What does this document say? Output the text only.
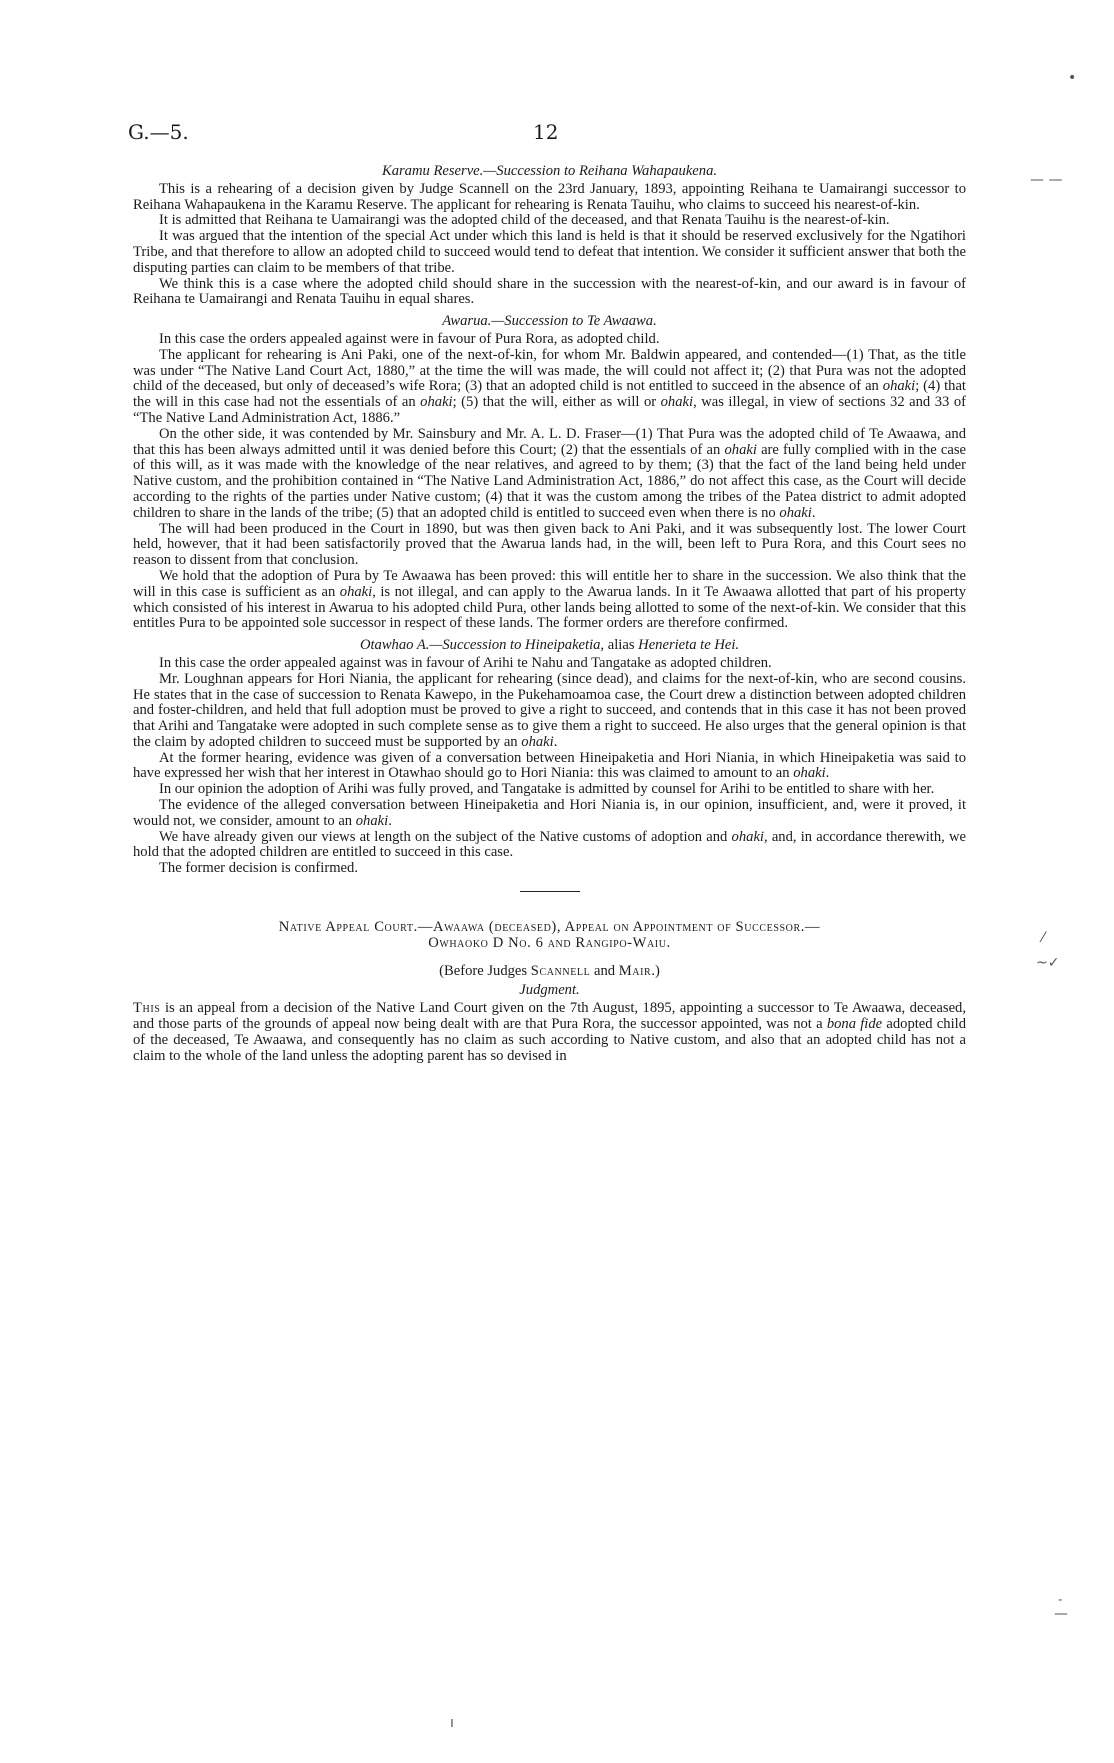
G.—5.	12
Karamu Reserve.—Succession to Reihana Wahapaukena.

This is a rehearing of a decision given by Judge Scannell on the 23rd January, 1893, appointing Reihana te Uamairangi successor to Reihana Wahapaukena in the Karamu Reserve. The applicant for rehearing is Renata Tauihu, who claims to succeed his nearest-of-kin.

It is admitted that Reihana te Uamairangi was the adopted child of the deceased, and that Renata Tauihu is the nearest-of-kin.

It was argued that the intention of the special Act under which this land is held is that it should be reserved exclusively for the Ngatihori Tribe, and that therefore to allow an adopted child to succeed would tend to defeat that intention. We consider it sufficient answer that both the disputing parties can claim to be members of that tribe.

We think this is a case where the adopted child should share in the succession with the nearest-of-kin, and our award is in favour of Reihana te Uamairangi and Renata Tauihu in equal shares.

Awarua.—Succession to Te Awaawa.

In this case the orders appealed against were in favour of Pura Rora, as adopted child.

The applicant for rehearing is Ani Paki, one of the next-of-kin, for whom Mr. Baldwin appeared, and contended—(1) That, as the title was under “The Native Land Court Act, 1880,” at the time the will was made, the will could not affect it; (2) that Pura was not the adopted child of the deceased, but only of deceased’s wife Rora; (3) that an adopted child is not entitled to succeed in the absence of an ohaki; (4) that the will in this case had not the essentials of an ohaki; (5) that the will, either as will or ohaki, was illegal, in view of sections 32 and 33 of “The Native Land Administration Act, 1886.”

On the other side, it was contended by Mr. Sainsbury and Mr. A. L. D. Fraser—(1) That Pura was the adopted child of Te Awaawa, and that this has been always admitted until it was denied before this Court; (2) that the essentials of an ohaki are fully complied with in the case of this will, as it was made with the knowledge of the near relatives, and agreed to by them; (3) that the fact of the land being held under Native custom, and the prohibition contained in “The Native Land Administration Act, 1886,” do not affect this case, as the Court will decide according to the rights of the parties under Native custom; (4) that it was the custom among the tribes of the Patea district to admit adopted children to share in the lands of the tribe; (5) that an adopted child is entitled to succeed even when there is no ohaki.

The will had been produced in the Court in 1890, but was then given back to Ani Paki, and it was subsequently lost. The lower Court held, however, that it had been satisfactorily proved that the Awarua lands had, in the will, been left to Pura Rora, and this Court sees no reason to dissent from that conclusion.

We hold that the adoption of Pura by Te Awaawa has been proved: this will entitle her to share in the succession. We also think that the will in this case is sufficient as an ohaki, is not illegal, and can apply to the Awarua lands. In it Te Awaawa allotted that part of his property which consisted of his interest in Awarua to his adopted child Pura, other lands being allotted to some of the next-of-kin. We consider that this entitles Pura to be appointed sole successor in respect of these lands. The former orders are therefore confirmed.

Otawhao A.—Succession to Hineipaketia, alias Henerieta te Hei.

In this case the order appealed against was in favour of Arihi te Nahu and Tangatake as adopted children.

Mr. Loughnan appears for Hori Niania, the applicant for rehearing (since dead), and claims for the next-of-kin, who are second cousins. He states that in the case of succession to Renata Kawepo, in the Pukehamoamoa case, the Court drew a distinction between adopted children and foster-children, and held that full adoption must be proved to give a right to succeed, and contends that in this case it has not been proved that Arihi and Tangatake were adopted in such complete sense as to give them a right to succeed. He also urges that the general opinion is that the claim by adopted children to succeed must be supported by an ohaki.

At the former hearing, evidence was given of a conversation between Hineipaketia and Hori Niania, in which Hineipaketia was said to have expressed her wish that her interest in Otawhao should go to Hori Niania: this was claimed to amount to an ohaki.

In our opinion the adoption of Arihi was fully proved, and Tangatake is admitted by counsel for Arihi to be entitled to share with her.

The evidence of the alleged conversation between Hineipaketia and Hori Niania is, in our opinion, insufficient, and, were it proved, it would not, we consider, amount to an ohaki.

We have already given our views at length on the subject of the Native customs of adoption and ohaki, and, in accordance therewith, we hold that the adopted children are entitled to succeed in this case.

The former decision is confirmed.

Native Appeal Court.—Awaawa (deceased), Appeal on Appointment of Successor.—
Owhaoko D No. 6 and Rangipo-Waiu.
(Before Judges Scannell and Mair.)
Judgment.

This is an appeal from a decision of the Native Land Court given on the 7th August, 1895, appointing a successor to Te Awaawa, deceased, and those parts of the grounds of appeal now being dealt with are that Pura Rora, the successor appointed, was not a bona fide adopted child of the deceased, Te Awaawa, and consequently has no claim as such according to Native custom, and also that an adopted child has not a claim to the whole of the land unless the adopting parent has so devised in

•
— —
⁄
~✓
˗
—
ı
